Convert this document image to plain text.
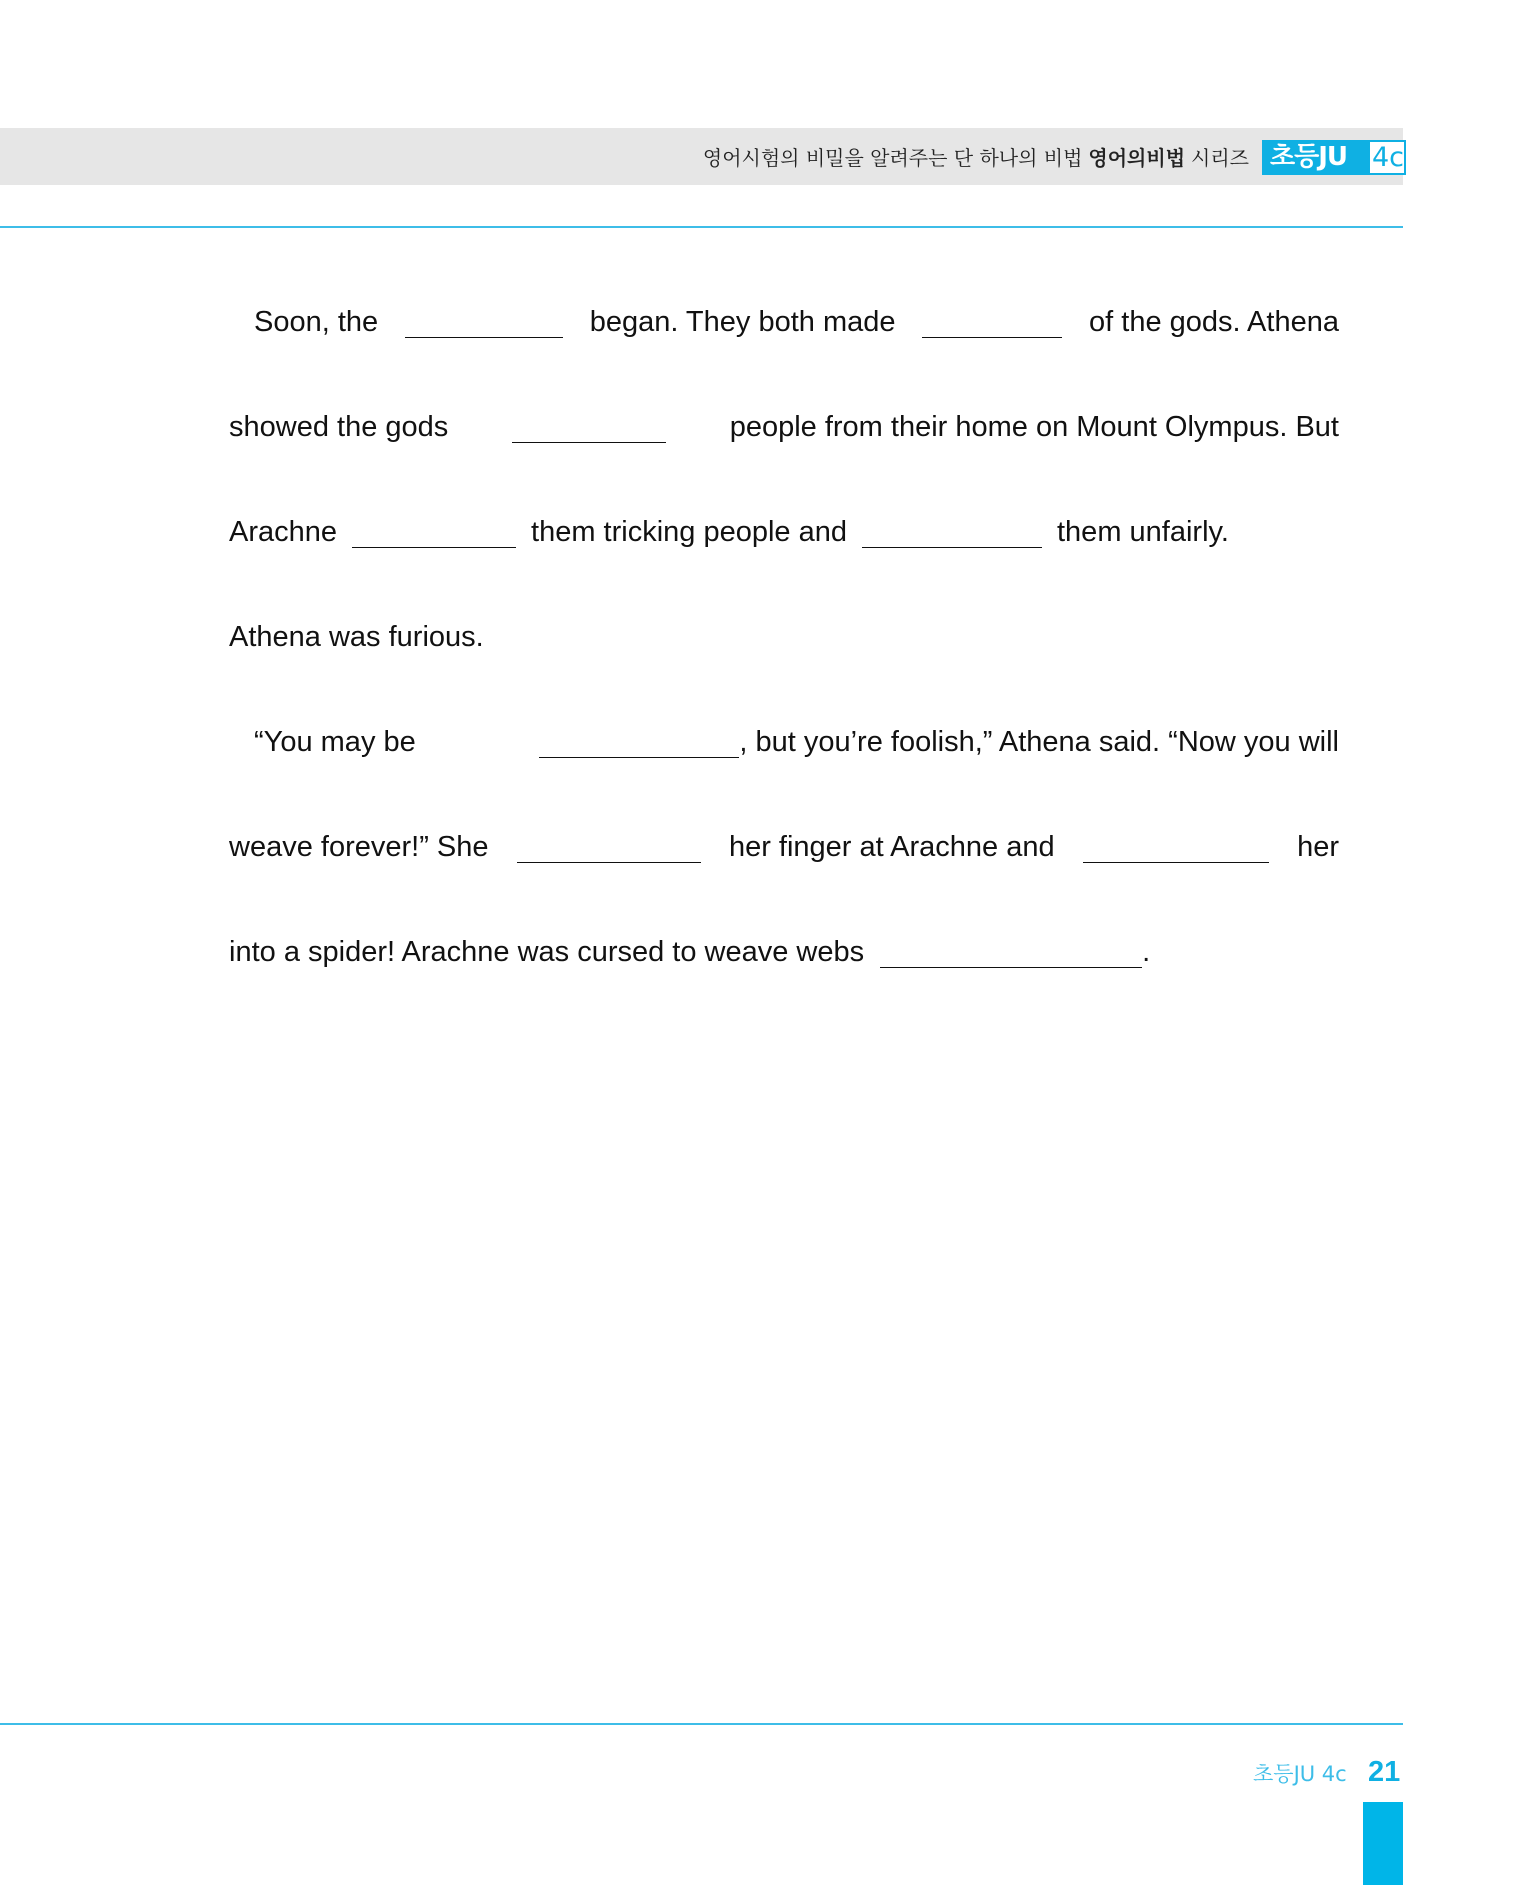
영어시험의 비밀을 알려주는 단 하나의 비법 영어의비법 시리즈 초등JU 4c
Soon, the	began. They both made	of the gods. Athena
showed the gods	people from their home on Mount Olympus. But
Arachne	them tricking people and	them unfairly.
Athena was furious.
“You may be	, but you’re foolish,” Athena said. “Now you will
weave forever!” She	her finger at Arachne and	her
into a spider! Arachne was cursed to weave webs	.
초등JU 4c 21
